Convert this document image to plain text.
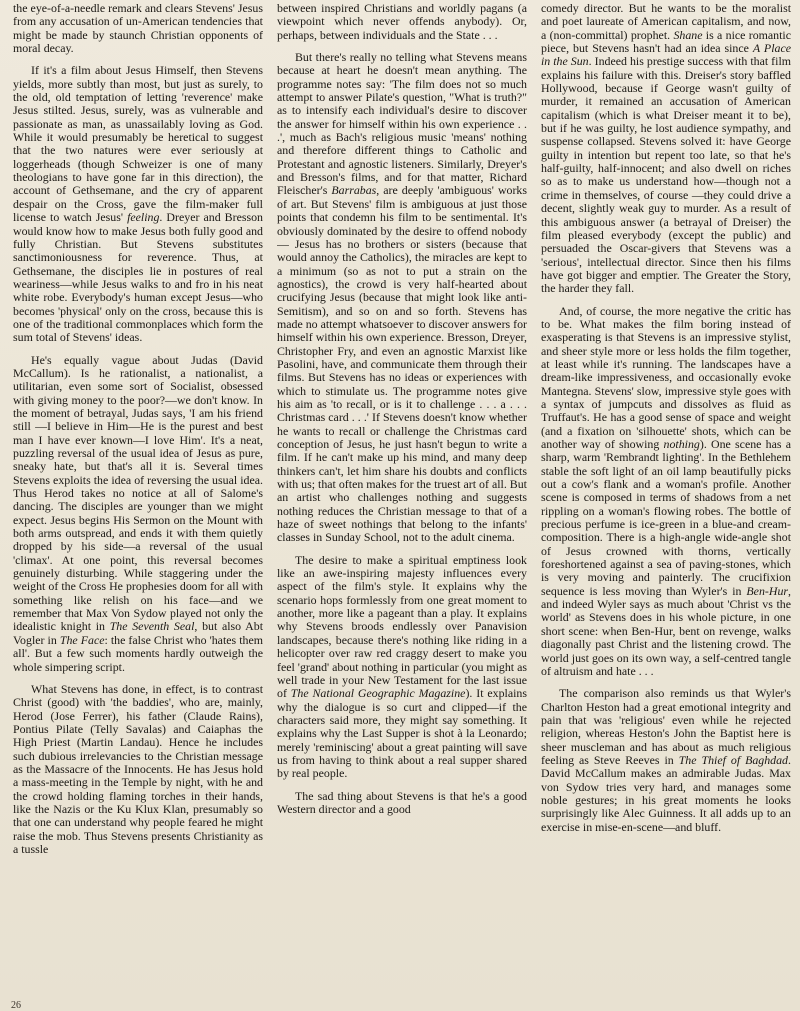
the eye-of-a-needle remark and clears Stevens' Jesus from any accusation of un-American tendencies that might be made by staunch Christian opponents of moral decay.

If it's a film about Jesus Himself, then Stevens yields, more subtly than most, but just as surely, to the old, old temptation of letting 'reverence' make Jesus stilted. Jesus, surely, was as vulnerable and passionate as man, as unassailably loving as God. While it would presumably be heretical to suggest that the two natures were ever seriously at loggerheads (though Schweizer is one of many theologians to have gone far in this direction), the account of Gethsemane, and the cry of apparent despair on the Cross, gave the film-maker full license to watch Jesus' feeling. Dreyer and Bresson would know how to make Jesus both fully good and fully Christian. But Stevens substitutes sanctimoniousness for reverence. Thus, at Gethsemane, the disciples lie in postures of real weariness—while Jesus walks to and fro in his neat white robe. Everybody's human except Jesus—who becomes 'physical' only on the cross, because this is one of the traditional commonplaces which form the sum total of Stevens' ideas.

He's equally vague about Judas (David McCallum). Is he rationalist, a nationalist, a utilitarian, even some sort of Socialist, obsessed with giving money to the poor?—we don't know. In the moment of betrayal, Judas says, 'I am his friend still —I believe in Him—He is the purest and best man I have ever known—I love Him'. It's a neat, puzzling reversal of the usual idea of Jesus as pure, sneaky hate, but that's all it is. Several times Stevens exploits the idea of reversing the usual idea. Thus Herod takes no notice at all of Salome's dancing. The disciples are younger than we might expect. Jesus begins His Sermon on the Mount with both arms outspread, and ends it with them quietly dropped by his side—a reversal of the usual 'climax'. At one point, this reversal becomes genuinely disturbing. While staggering under the weight of the Cross He prophesies doom for all with something like relish on his face—and we remember that Max Von Sydow played not only the idealistic knight in The Seventh Seal, but also Abt Vogler in The Face: the false Christ who 'hates them all'. But a few such moments hardly outweigh the whole simpering script.

What Stevens has done, in effect, is to contrast Christ (good) with 'the baddies', who are, mainly, Herod (Jose Ferrer), his father (Claude Rains), Pontius Pilate (Telly Savalas) and Caiaphas the High Priest (Martin Landau). Hence he includes such dubious irrelevancies to the Christian message as the Massacre of the Innocents. He has Jesus hold a mass-meeting in the Temple by night, with he and the crowd holding flaming torches in their hands, like the Nazis or the Ku Klux Klan, presumably so that one can understand why people feared he might raise the mob. Thus Stevens presents Christianity as a tussle

between inspired Christians and worldly pagans (a viewpoint which never offends anybody). Or, perhaps, between individuals and the State . . .

But there's really no telling what Stevens means because at heart he doesn't mean anything. The programme notes say: 'The film does not so much attempt to answer Pilate's question, "What is truth?" as to intensify each individual's desire to discover the answer for himself within his own experience . . .', much as Bach's religious music 'means' nothing and therefore different things to Catholic and Protestant and agnostic listeners. Similarly, Dreyer's and Bresson's films, and for that matter, Richard Fleischer's Barrabas, are deeply 'ambiguous' works of art. But Stevens' film is ambiguous at just those points that condemn his film to be sentimental. It's obviously dominated by the desire to offend nobody — Jesus has no brothers or sisters (because that would annoy the Catholics), the miracles are kept to a minimum (so as not to put a strain on the agnostics), the crowd is very half-hearted about crucifying Jesus (because that might look like anti-Semitism), and so on and so forth. Stevens has made no attempt whatsoever to discover answers for himself within his own experience. Bresson, Dreyer, Christopher Fry, and even an agnostic Marxist like Pasolini, have, and communicate them through their films. But Stevens has no ideas or experiences with which to stimulate us. The programme notes give his aim as 'to recall, or is it to challenge . . . a . . . Christmas card . . .' If Stevens doesn't know whether he wants to recall or challenge the Christmas card conception of Jesus, he just hasn't begun to write a film. If he can't make up his mind, and many deep thinkers can't, let him share his doubts and conflicts with us; that often makes for the truest art of all. But an artist who challenges nothing and suggests nothing reduces the Christian message to that of a haze of sweet nothings that belong to the infants' classes in Sunday School, not to the adult cinema.

The desire to make a spiritual emptiness look like an awe-inspiring majesty influences every aspect of the film's style. It explains why the scenario hops formlessly from one great moment to another, more like a pageant than a play. It explains why Stevens broods endlessly over Panavision landscapes, because there's nothing like riding in a helicopter over raw red craggy desert to make you feel 'grand' about nothing in particular (you might as well trade in your New Testament for the last issue of The National Geographic Magazine). It explains why the dialogue is so curt and clipped—if the characters said more, they might say something. It explains why the Last Supper is shot à la Leonardo; merely 'reminiscing' about a great painting will save us from having to think about a real supper shared by real people.

The sad thing about Stevens is that he's a good Western director and a good

comedy director. But he wants to be the moralist and poet laureate of American capitalism, and now, a (non-committal) prophet. Shane is a nice romantic piece, but Stevens hasn't had an idea since A Place in the Sun. Indeed his prestige success with that film explains his failure with this. Dreiser's story baffled Hollywood, because if George wasn't guilty of murder, it remained an accusation of American capitalism (which is what Dreiser meant it to be), but if he was guilty, he lost audience sympathy, and suspense collapsed. Stevens solved it: have George guilty in intention but repent too late, so that he's half-guilty, half-innocent; and also dwell on riches so as to make us understand how—though not a crime in themselves, of course —they could drive a decent, slightly weak guy to murder. As a result of this ambiguous answer (a betrayal of Dreiser) the film pleased everybody (except the public) and persuaded the Oscar-givers that Stevens was a 'serious', intellectual director. Since then his films have got bigger and emptier. The Greater the Story, the harder they fall.

And, of course, the more negative the critic has to be. What makes the film boring instead of exasperating is that Stevens is an impressive stylist, and sheer style more or less holds the film together, at least while it's running. The landscapes have a dream-like impressiveness, and occasionally evoke Mantegna. Stevens' slow, impressive style goes with a syntax of jumpcuts and dissolves as fluid as Truffaut's. He has a good sense of space and weight (and a fixation on 'silhouette' shots, which can be another way of showing nothing). One scene has a sharp, warm 'Rembrandt lighting'. In the Bethlehem stable the soft light of an oil lamp beautifully picks out a cow's flank and a woman's profile. Another scene is composed in terms of shadows from a net rippling on a woman's flowing robes. The bottle of precious perfume is ice-green in a blue-and cream-composition. There is a high-angle wide-angle shot of Jesus crowned with thorns, vertically foreshortened against a sea of paving-stones, which is very moving and painterly. The crucifixion sequence is less moving than Wyler's in Ben-Hur, and indeed Wyler says as much about 'Christ vs the world' as Stevens does in his whole picture, in one short scene: when Ben-Hur, bent on revenge, walks diagonally past Christ and the listening crowd. The world just goes on its own way, a self-centred tangle of altruism and hate . . .

The comparison also reminds us that Wyler's Charlton Heston had a great emotional integrity and pain that was 'religious' even while he rejected religion, whereas Heston's John the Baptist here is sheer muscleman and has about as much religious feeling as Steve Reeves in The Thief of Baghdad. David McCallum makes an admirable Judas. Max von Sydow tries very hard, and manages some noble gestures; in his great moments he looks surprisingly like Alec Guinness. It all adds up to an exercise in mise-en-scene—and bluff.

26
